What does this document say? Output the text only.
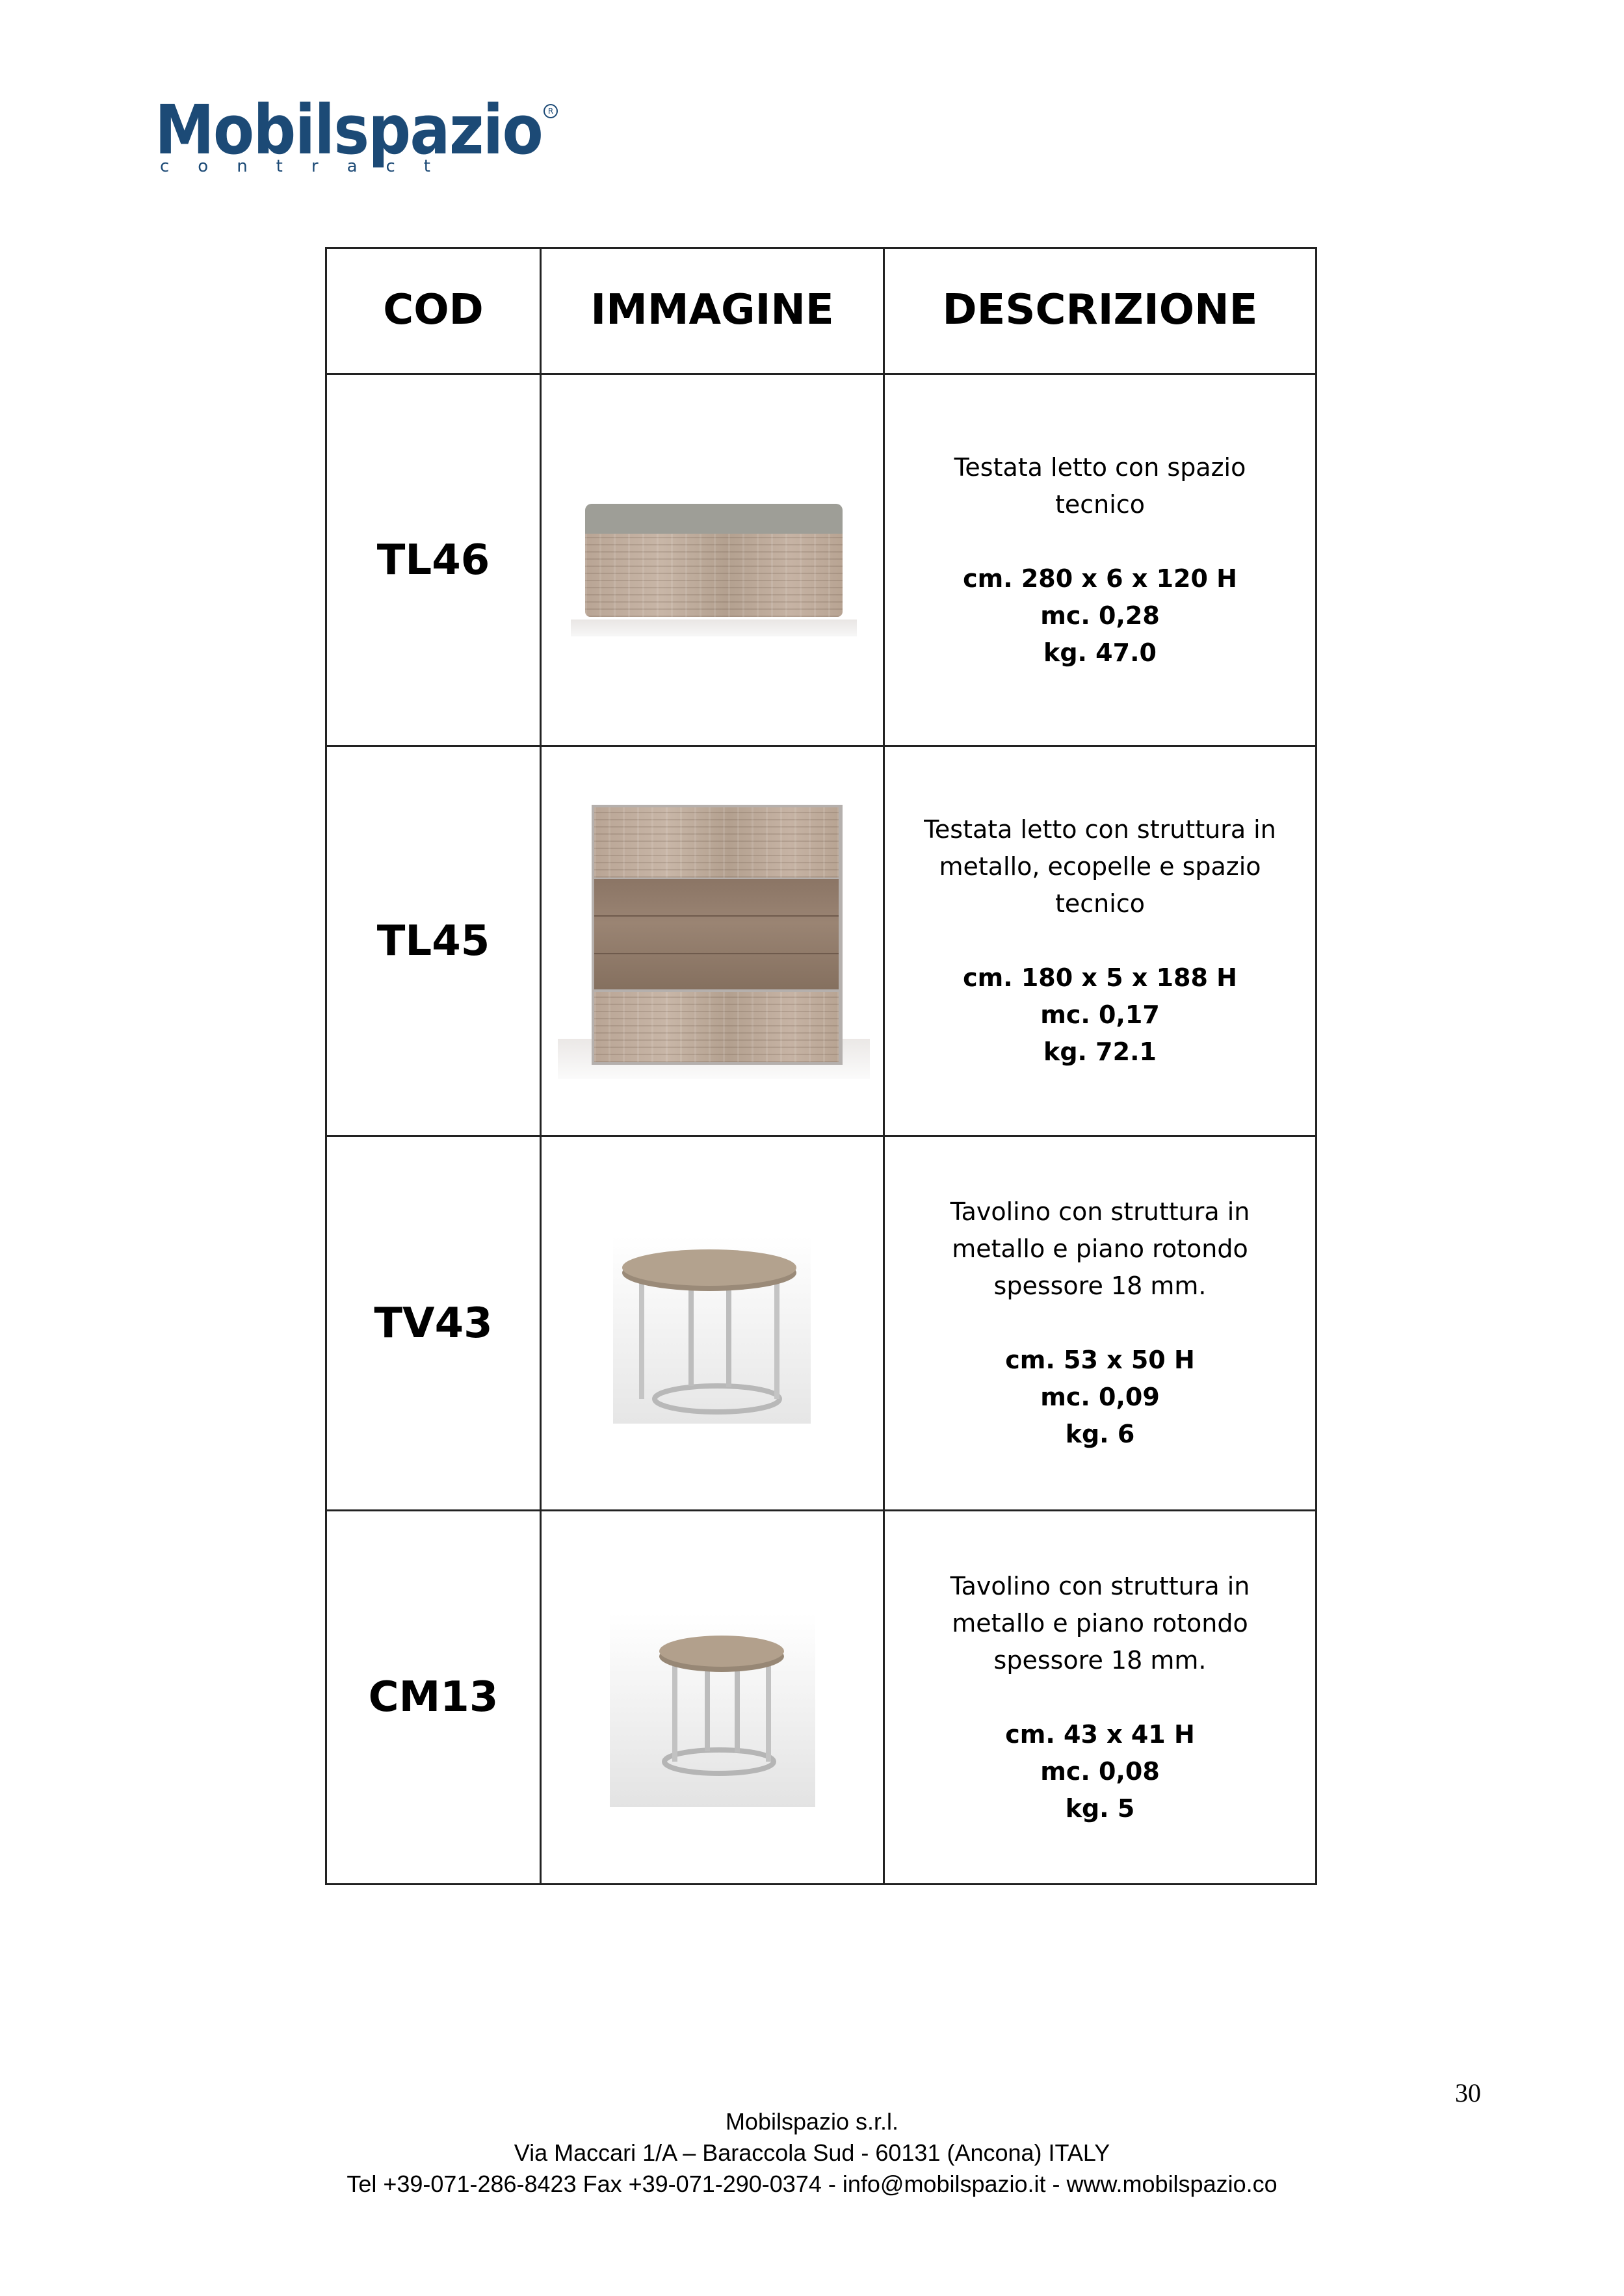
Mobilspazio R
contract
COD	IMMAGINE	DESCRIZIONE
TL46
Testata letto con spazio tecnico
cm. 280 x 6 x 120 H
mc. 0,28
kg. 47.0
TL45
Testata letto con struttura in
metallo, ecopelle e spazio
tecnico
cm. 180 x 5 x 188 H
mc. 0,17
kg. 72.1
TV43
Tavolino con struttura in
metallo e piano rotondo
spessore 18 mm.
cm. 53 x 50 H
mc. 0,09
kg. 6
CM13
Tavolino con struttura in
metallo e piano rotondo
spessore 18 mm.
cm. 43 x 41 H
mc. 0,08
kg. 5
30
Mobilspazio s.r.l.
Via Maccari 1/A – Baraccola Sud - 60131 (Ancona) ITALY
Tel +39-071-286-8423 Fax +39-071-290-0374 - info@mobilspazio.it - www.mobilspazio.co
